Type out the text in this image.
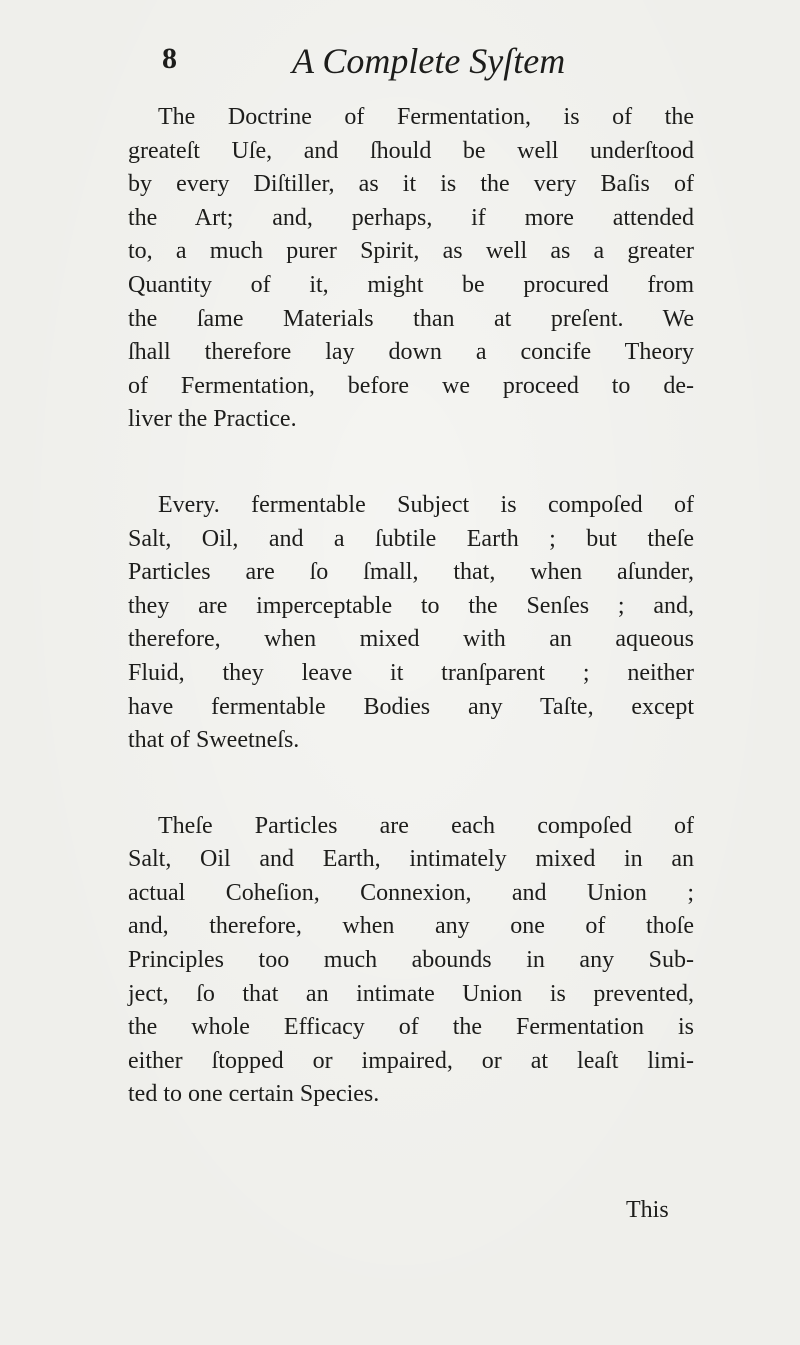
8	A Complete Syſtem

The Doctrine of Fermentation, is of the
greateſt Uſe, and ſhould be well underſtood
by every Diſtiller, as it is the very Baſis of
the Art; and, perhaps, if more attended
to, a much purer Spirit, as well as a greater
Quantity of it, might be procured from
the ſame Materials than at preſent. We
ſhall therefore lay down a concife Theory
of Fermentation, before we proceed to de-
liver the Practice.

Every. fermentable Subject is compoſed of
Salt, Oil, and a ſubtile Earth ; but theſe
Particles are ſo ſmall, that, when aſunder,
they are imperceptable to the Senſes ; and,
therefore, when mixed with an aqueous
Fluid, they leave it tranſparent ; neither
have fermentable Bodies any Taſte, except
that of Sweetneſs.

Theſe Particles are each compoſed of
Salt, Oil and Earth, intimately mixed in an
actual Coheſion, Connexion, and Union ;
and, therefore, when any one of thoſe
Principles too much abounds in any Sub-
ject, ſo that an intimate Union is prevented,
the whole Efficacy of the Fermentation is
either ſtopped or impaired, or at leaſt limi-
ted to one certain Species.

This
